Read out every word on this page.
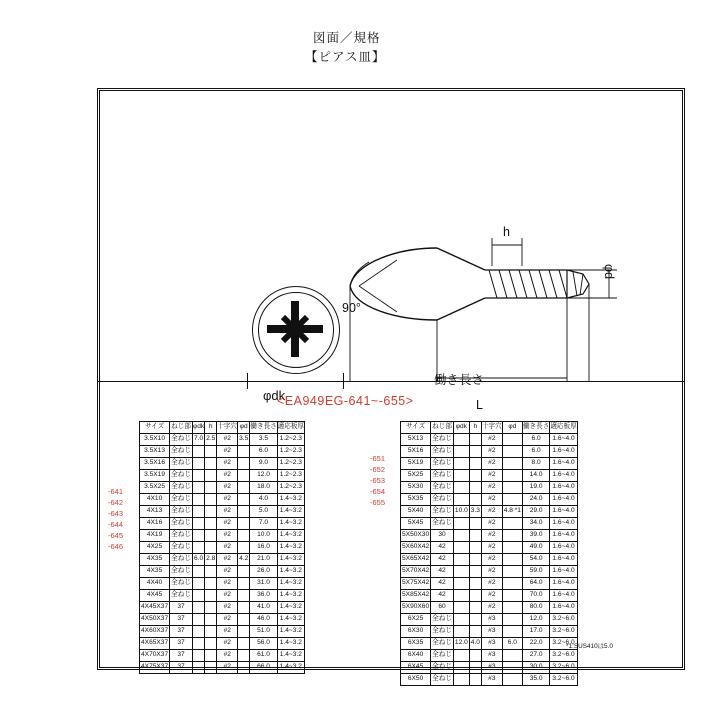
図面／規格
【ピアス皿】
φdk
h
φd
90°
働き長さ
L
<EA949EG-641~-655>
サイズ	ねじ部	φdk	h	十字穴	φd	働き長さ	適応板厚
3.5X10	全ねじ	7.0	2.5	#2	3.5	3.5	1.2~2.3
3.5X13	全ねじ			#2		6.0	1.2~2.3
3.5X16	全ねじ			#2		9.0	1.2~2.3
3.5X19	全ねじ			#2		12.0	1.2~2.3
3.5X25	全ねじ			#2		18.0	1.2~2.3
4X10	全ねじ			#2		4.0	1.4~3.2
4X13	全ねじ			#2		5.0	1.4~3.2
4X16	全ねじ			#2		7.0	1.4~3.2
4X19	全ねじ			#2		10.0	1.4~3.2
4X25	全ねじ			#2		16.0	1.4~3.2
4X35	全ねじ	6.0	2.8	#2	4.2	21.0	1.4~3.2
4X35	全ねじ			#2		26.0	1.4~3.2
4X40	全ねじ			#2		31.0	1.4~3.2
4X45	全ねじ			#2		36.0	1.4~3.2
4X45X37	37			#2		41.0	1.4~3.2
4X50X37	37			#2		46.0	1.4~3.2
4X60X37	37			#2		51.0	1.4~3.2
4X65X37	37			#2		56.0	1.4~3.2
4X70X37	37			#2		61.0	1.4~3.2
4X75X37	37			#2		66.0	1.4~3.2
サイズ	ねじ部	φdk	h	十字穴	φd	働き長さ	適応板厚
5X13	全ねじ			#2		6.0	1.6~4.0
5X16	全ねじ			#2		6.0	1.6~4.0
5X19	全ねじ			#2		8.0	1.6~4.0
5X25	全ねじ			#2		14.0	1.6~4.0
5X30	全ねじ			#2		19.0	1.6~4.0
5X35	全ねじ			#2		24.0	1.6~4.0
5X40	全ねじ	10.0	3.3	#2	4.8 *1	29.0	1.6~4.0
5X45	全ねじ			#2		34.0	1.6~4.0
5X50X30	30			#2		39.0	1.6~4.0
5X60X42	42			#2		49.0	1.6~4.0
5X65X42	42			#2		54.0	1.6~4.0
5X70X42	42			#2		59.0	1.6~4.0
5X75X42	42			#2		64.0	1.6~4.0
5X85X42	42			#2		70.0	1.6~4.0
5X90X60	60			#2		80.0	1.6~4.0
6X25	全ねじ			#3		12.0	3.2~6.0
6X30	全ねじ			#3		17.0	3.2~6.0
6X35	全ねじ	12.0	4.0	#3	6.0	22.0	3.2~6.0
6X40	全ねじ			#3		27.0	3.2~6.0
6X45	全ねじ			#3		30.0	3.2~6.0
6X50	全ねじ			#3		35.0	3.2~6.0
-641
-642
-643
-644
-645
-646
-651
-652
-653
-654
-655
*1:SUS410は5.0
